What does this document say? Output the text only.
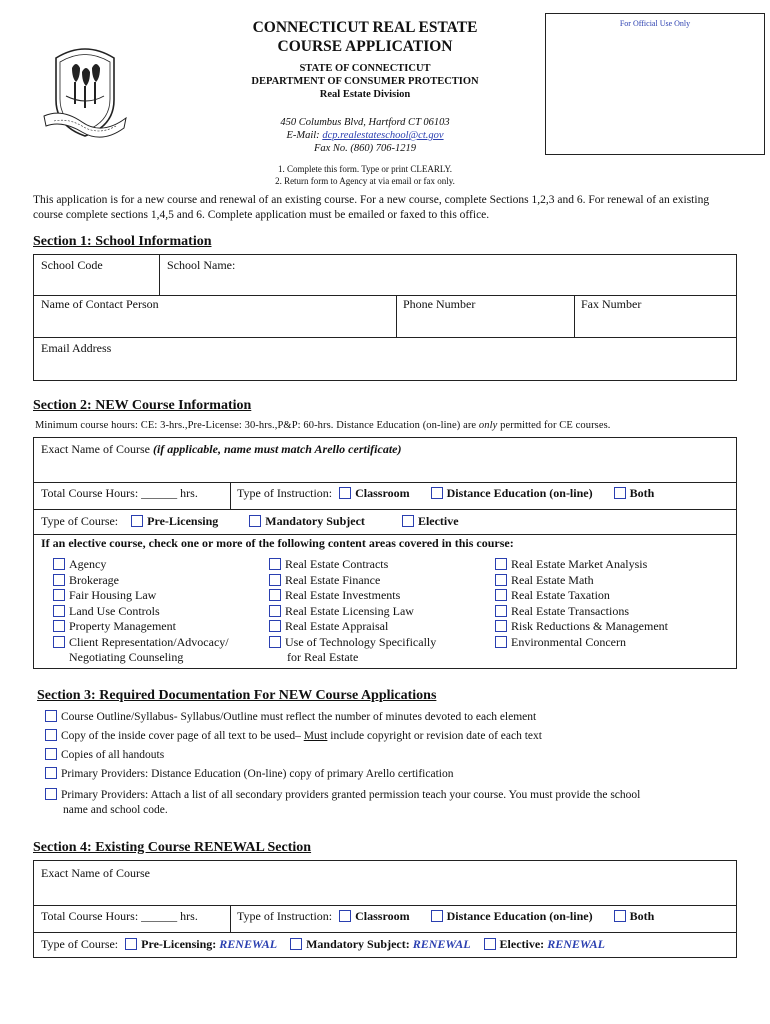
CONNECTICUT REAL ESTATE
COURSE APPLICATION
STATE OF CONNECTICUT
DEPARTMENT OF CONSUMER PROTECTION
Real Estate Division
450 Columbus Blvd, Hartford CT 06103
E-Mail: dcp.realestateschool@ct.gov
Fax No. (860) 706-1219
1. Complete this form. Type or print CLEARLY.
2. Return form to Agency at via email or fax only.
For Official Use Only
This application is for a new course and renewal of an existing course. For a new course, complete Sections 1,2,3 and 6. For renewal of an existing course complete sections 1,4,5 and 6. Complete application must be emailed or faxed to this office.
Section 1: School Information
School Code	School Name:
Name of Contact Person	Phone Number	Fax Number
Email Address
Section 2: NEW Course Information
Minimum course hours: CE: 3-hrs.,Pre-License: 30-hrs.,P&P: 60-hrs. Distance Education (on-line) are only permitted for CE courses.
Exact Name of Course (if applicable, name must match Arello certificate)
Total Course Hours: ______ hrs.	Type of Instruction: Classroom	Distance Education (on-line)	Both
Type of Course: Pre-Licensing	Mandatory Subject	Elective
If an elective course, check one or more of the following content areas covered in this course:
Agency
Brokerage
Fair Housing Law
Land Use Controls
Property Management
Client Representation/Advocacy/
Negotiating Counseling
Real Estate Contracts
Real Estate Finance
Real Estate Investments
Real Estate Licensing Law
Real Estate Appraisal
Use of Technology Specifically
for Real Estate
Real Estate Market Analysis
Real Estate Math
Real Estate Taxation
Real Estate Transactions
Risk Reductions & Management
Environmental Concern
Section 3: Required Documentation For NEW Course Applications
Course Outline/Syllabus- Syllabus/Outline must reflect the number of minutes devoted to each element
Copy of the inside cover page of all text to be used– Must include copyright or revision date of each text
Copies of all handouts
Primary Providers: Distance Education (On-line) copy of primary Arello certification
Primary Providers: Attach a list of all secondary providers granted permission teach your course. You must provide the school
name and school code.
Section 4: Existing Course RENEWAL Section
Exact Name of Course
Total Course Hours: ______ hrs.	Type of Instruction: Classroom	Distance Education (on-line)	Both
Type of Course: Pre-Licensing: RENEWAL Mandatory Subject: RENEWAL Elective: RENEWAL
